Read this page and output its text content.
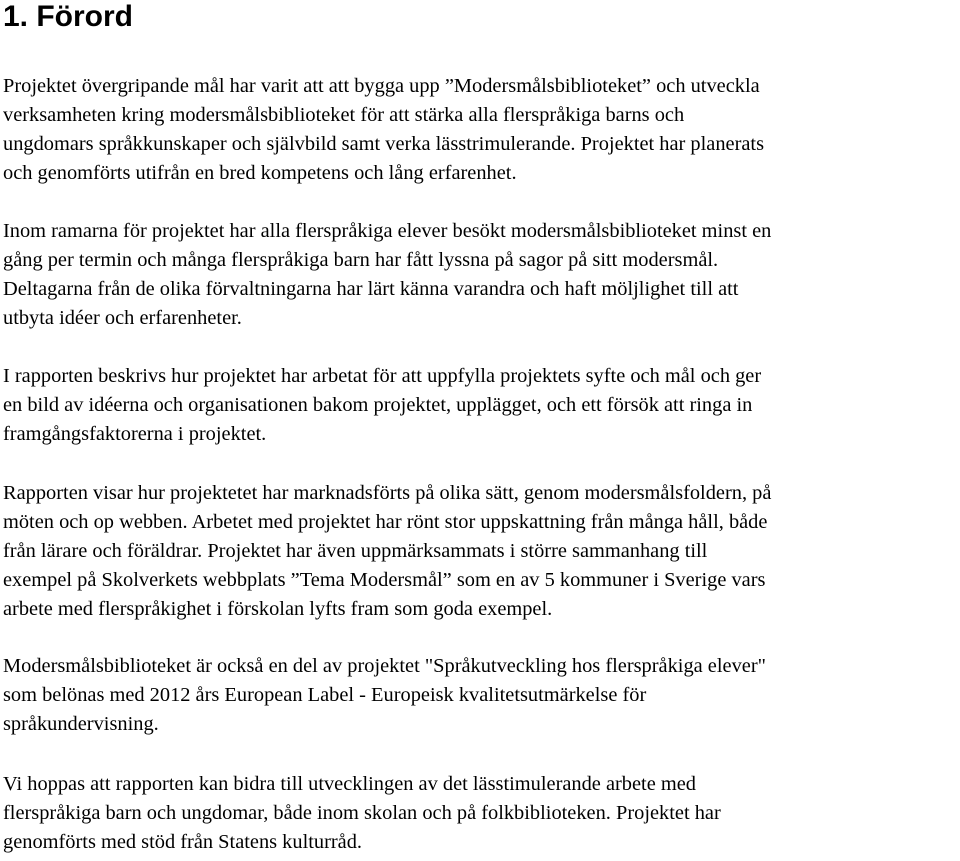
1. Förord

Projektet övergripande mål har varit att att bygga upp ”Modersmålsbiblioteket” och utveckla
verksamheten kring modersmålsbiblioteket för att stärka alla flerspråkiga barns och
ungdomars språkkunskaper och självbild samt verka lässtrimulerande. Projektet har planerats
och genomförts utifrån en bred kompetens och lång erfarenhet.

Inom ramarna för projektet har alla flerspråkiga elever besökt modersmålsbiblioteket minst en
gång per termin och många flerspråkiga barn har fått lyssna på sagor på sitt modersmål.
Deltagarna från de olika förvaltningarna har lärt känna varandra och haft möljlighet till att
utbyta idéer och erfarenheter.

I rapporten beskrivs hur projektet har arbetat för att uppfylla projektets syfte och mål och ger
en bild av idéerna och organisationen bakom projektet, upplägget, och ett försök att ringa in
framgångsfaktorerna i projektet.

Rapporten visar hur projektetet har marknadsförts på olika sätt, genom modersmålsfoldern, på
möten och op webben. Arbetet med projektet har rönt stor uppskattning från många håll, både
från lärare och föräldrar. Projektet har även uppmärksammats i större sammanhang till
exempel på Skolverkets webbplats ”Tema Modersmål” som en av 5 kommuner i Sverige vars
arbete med flerspråkighet i förskolan lyfts fram som goda exempel.

Modersmålsbiblioteket är också en del av projektet "Språkutveckling hos flerspråkiga elever"
som belönas med 2012 års European Label - Europeisk kvalitetsutmärkelse för
språkundervisning.

Vi hoppas att rapporten kan bidra till utvecklingen av det lässtimulerande arbete med
flerspråkiga barn och ungdomar, både inom skolan och på folkbiblioteken. Projektet har
genomförts med stöd från Statens kulturråd.
